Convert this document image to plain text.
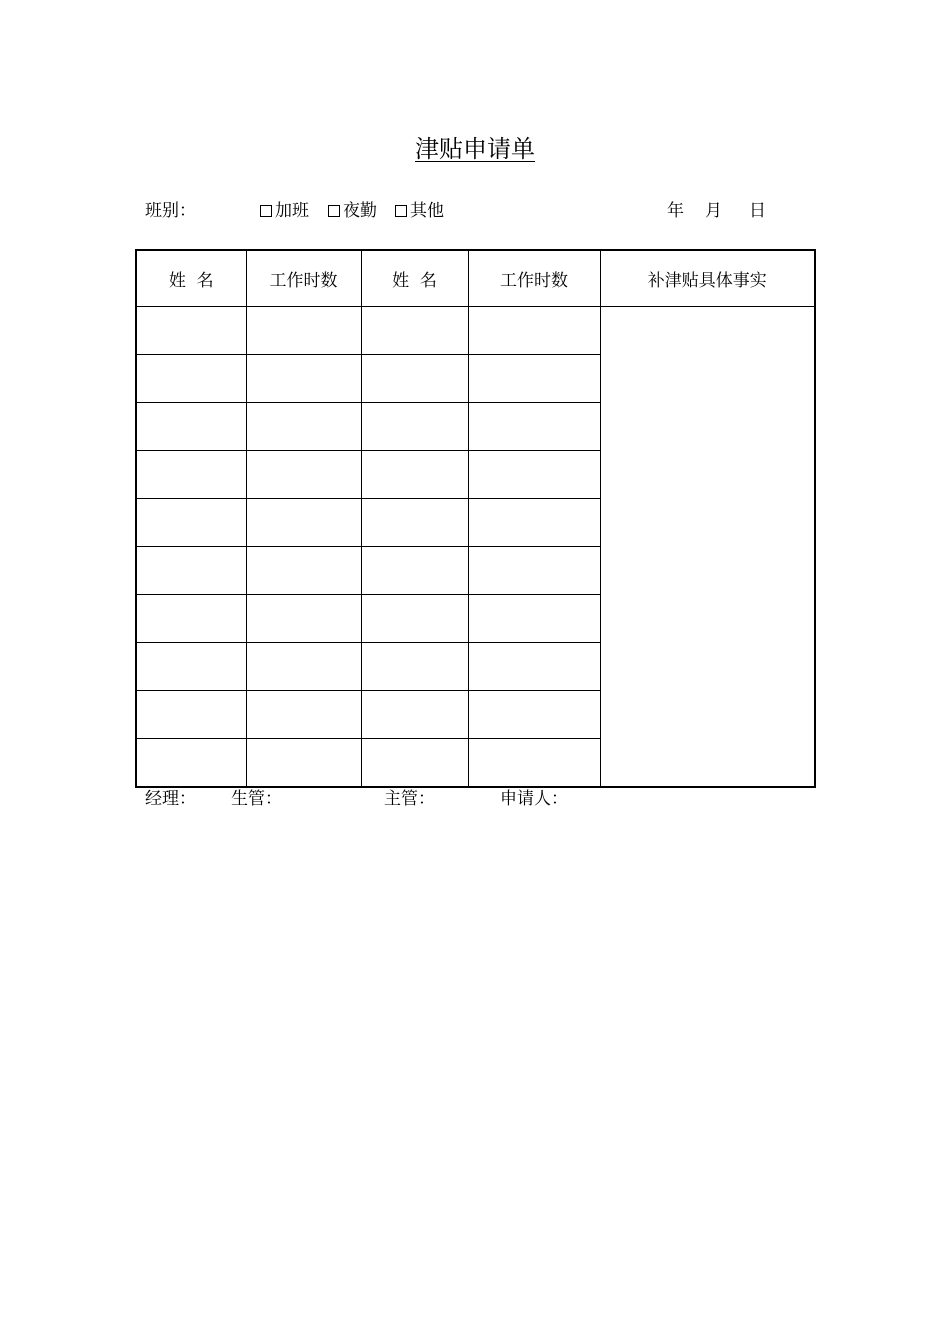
津贴申请单
班别：	加班	夜勤	其他	年 月 日
姓  名	工作时数	姓  名	工作时数	补津贴具体事实

经理： 生管：	主管：	申请人：
